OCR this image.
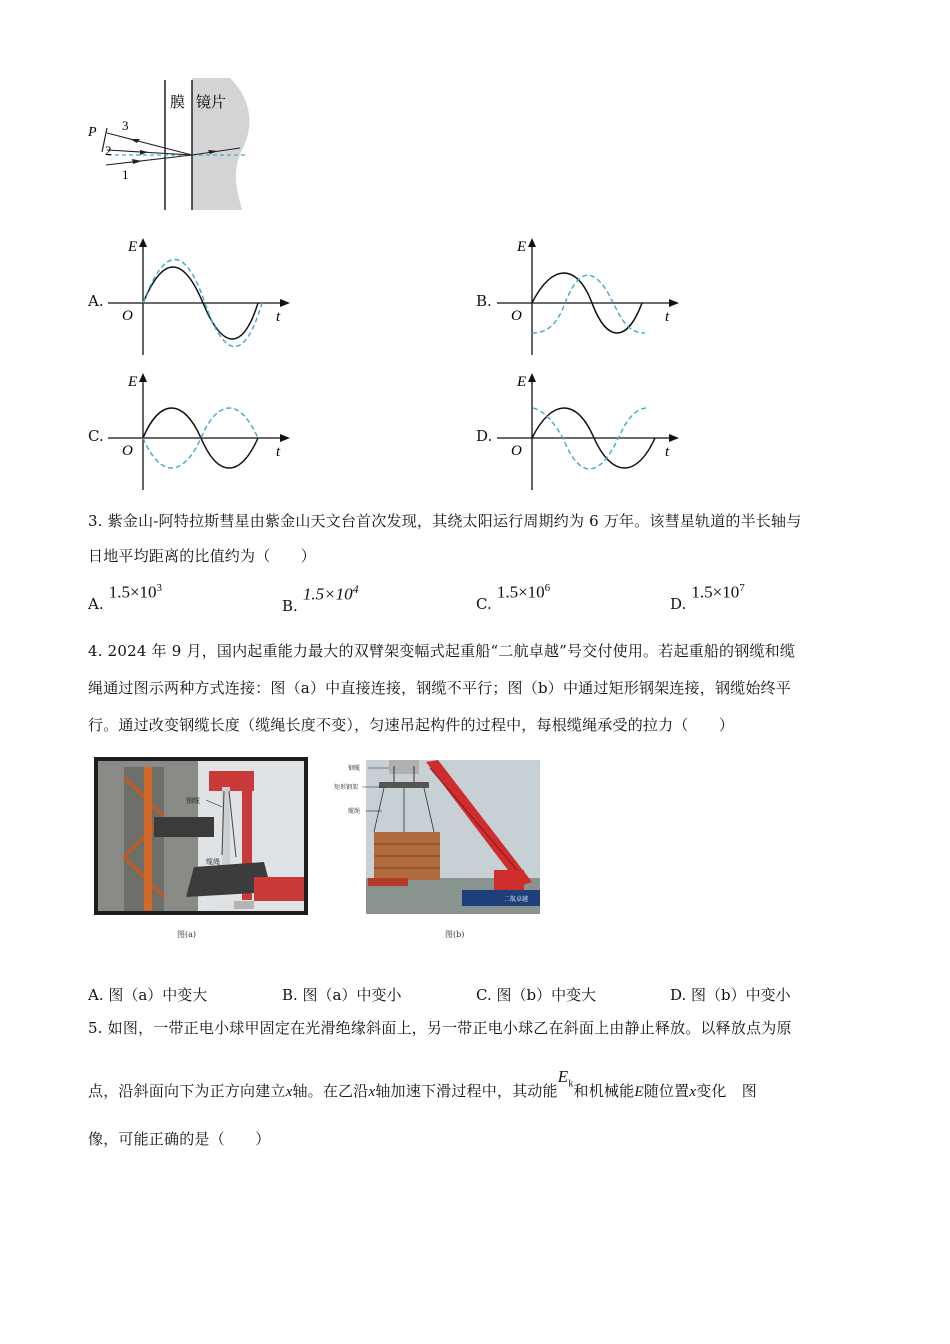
膜 镜片
P 3
2
1
A.
E
O	t
B.
E
O	t
C.
E
O	t
D.
E
O	t
3. 紫金山-阿特拉斯彗星由紫金山天文台首次发现，其绕太阳运行周期约为 6 万年。该彗星轨道的半长轴与
日地平均距离的比值约为（　　）
A. $1.5\times 10^3$
B. $1.5\times 10^4$
C. $1.5\times 10^6$
D. $1.5\times 10^7$
4. 2024 年 9 月，国内起重能力最大的双臂架变幅式起重船“二航卓越”号交付使用。若起重船的钢缆和缆
绳通过图示两种方式连接：图（a）中直接连接，钢缆不平行；图（b）中通过矩形钢架连接，钢缆始终平
行。通过改变钢缆长度（缆绳长度不变），匀速吊起构件的过程中，每根缆绳承受的拉力（　　）
钢缆
缆绳
图(a)
二航卓越
钢缆
矩形钢架
缆绳
图(b)
A. 图（a）中变大	B. 图（a）中变小	C. 图（b）中变大	D. 图（b）中变小
5. 如图，一带正电小球甲固定在光滑绝缘斜面上，另一带正电小球乙在斜面上由静止释放。以释放点为原
点，沿斜面向下为正方向建立x轴。在乙沿x轴加速下滑过程中，其动能$E_k$和机械能E随位置x变化　图
像，可能正确的是（　　）
